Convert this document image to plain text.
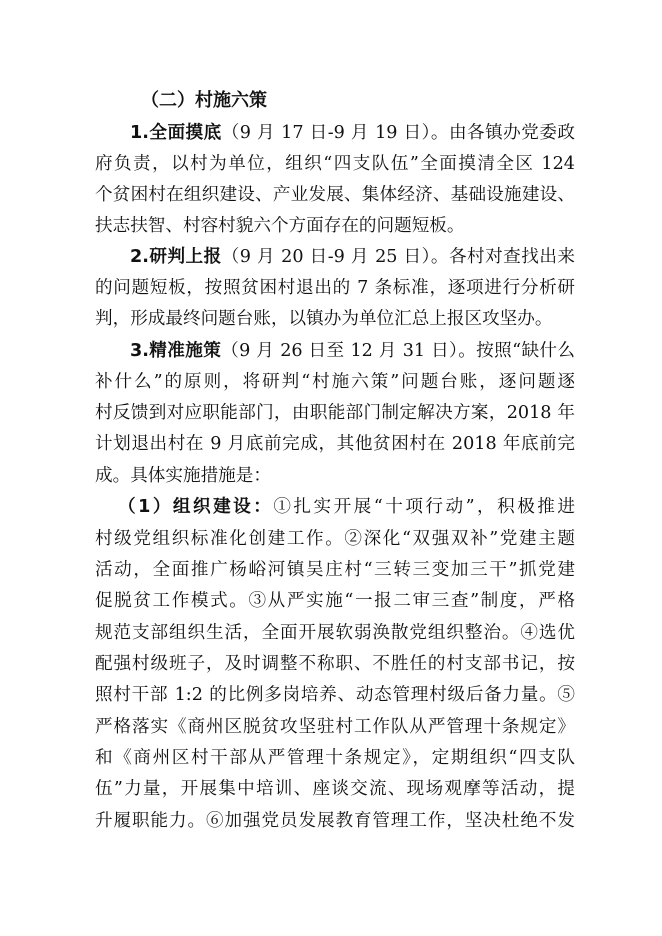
（二）村施六策
1.全面摸底（9 月 17 日-9 月 19 日）。由各镇办党委政
府负责，以村为单位，组织“四支队伍”全面摸清全区 124
个贫困村在组织建设、产业发展、集体经济、基础设施建设、
扶志扶智、村容村貌六个方面存在的问题短板。
2.研判上报（9 月 20 日-9 月 25 日）。各村对查找出来
的问题短板，按照贫困村退出的 7 条标准，逐项进行分析研
判，形成最终问题台账，以镇办为单位汇总上报区攻坚办。
3.精准施策（9 月 26 日至 12 月 31 日）。按照“缺什么
补什么”的原则，将研判“村施六策”问题台账，逐问题逐
村反馈到对应职能部门，由职能部门制定解决方案，2018 年
计划退出村在 9 月底前完成，其他贫困村在 2018 年底前完
成。具体实施措施是：
（1）组织建设：①扎实开展“十项行动”，积极推进
村级党组织标准化创建工作。②深化“双强双补”党建主题
活动，全面推广杨峪河镇吴庄村“三转三变加三干”抓党建
促脱贫工作模式。③从严实施“一报二审三查”制度，严格
规范支部组织生活，全面开展软弱涣散党组织整治。④选优
配强村级班子，及时调整不称职、不胜任的村支部书记，按
照村干部 1:2 的比例多岗培养、动态管理村级后备力量。⑤
严格落实《商州区脱贫攻坚驻村工作队从严管理十条规定》
和《商州区村干部从严管理十条规定》，定期组织“四支队
伍”力量，开展集中培训、座谈交流、现场观摩等活动，提
升履职能力。⑥加强党员发展教育管理工作，坚决杜绝不发
